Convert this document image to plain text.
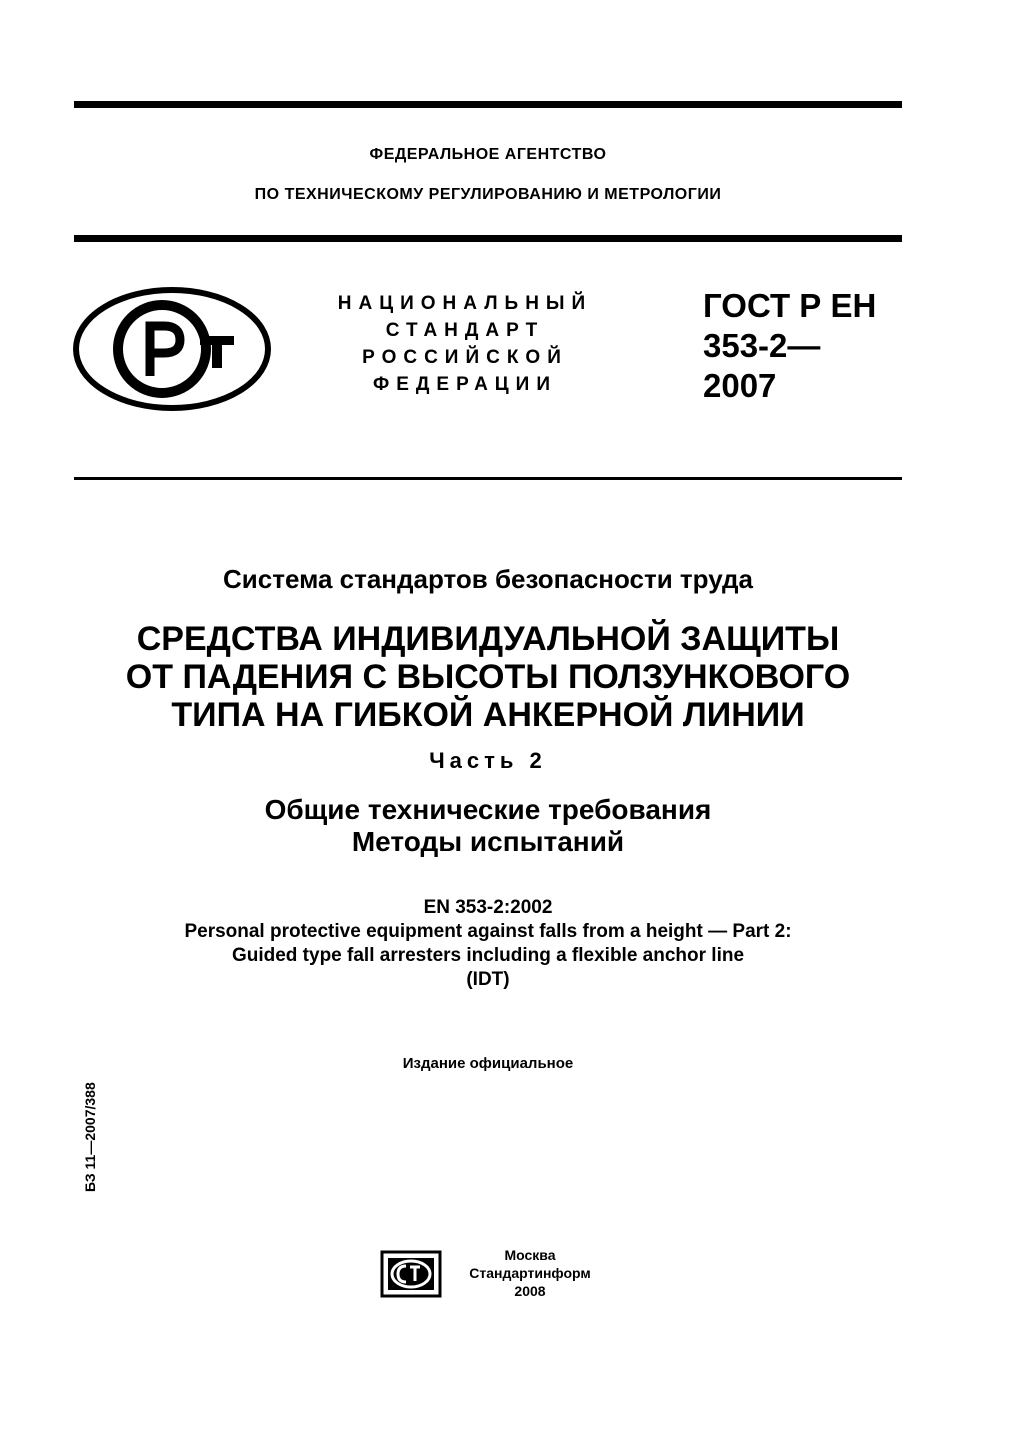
ФЕДЕРАЛЬНОЕ АГЕНТСТВО
ПО ТЕХНИЧЕСКОМУ РЕГУЛИРОВАНИЮ И МЕТРОЛОГИИ
НАЦИОНАЛЬНЫЙ
СТАНДАРТ
РОССИЙСКОЙ
ФЕДЕРАЦИИ
ГОСТ Р ЕН
353-2—
2007
Система стандартов безопасности труда
СРЕДСТВА ИНДИВИДУАЛЬНОЙ ЗАЩИТЫ
ОТ ПАДЕНИЯ С ВЫСОТЫ ПОЛЗУНКОВОГО
ТИПА НА ГИБКОЙ АНКЕРНОЙ ЛИНИИ
Часть 2
Общие технические требования
Методы испытаний
EN 353-2:2002
Personal protective equipment against falls from a height — Part 2:
Guided type fall arresters including a flexible anchor line
(IDT)
Издание официальное
БЗ 11—2007/388
Москва
Стандартинформ
2008
